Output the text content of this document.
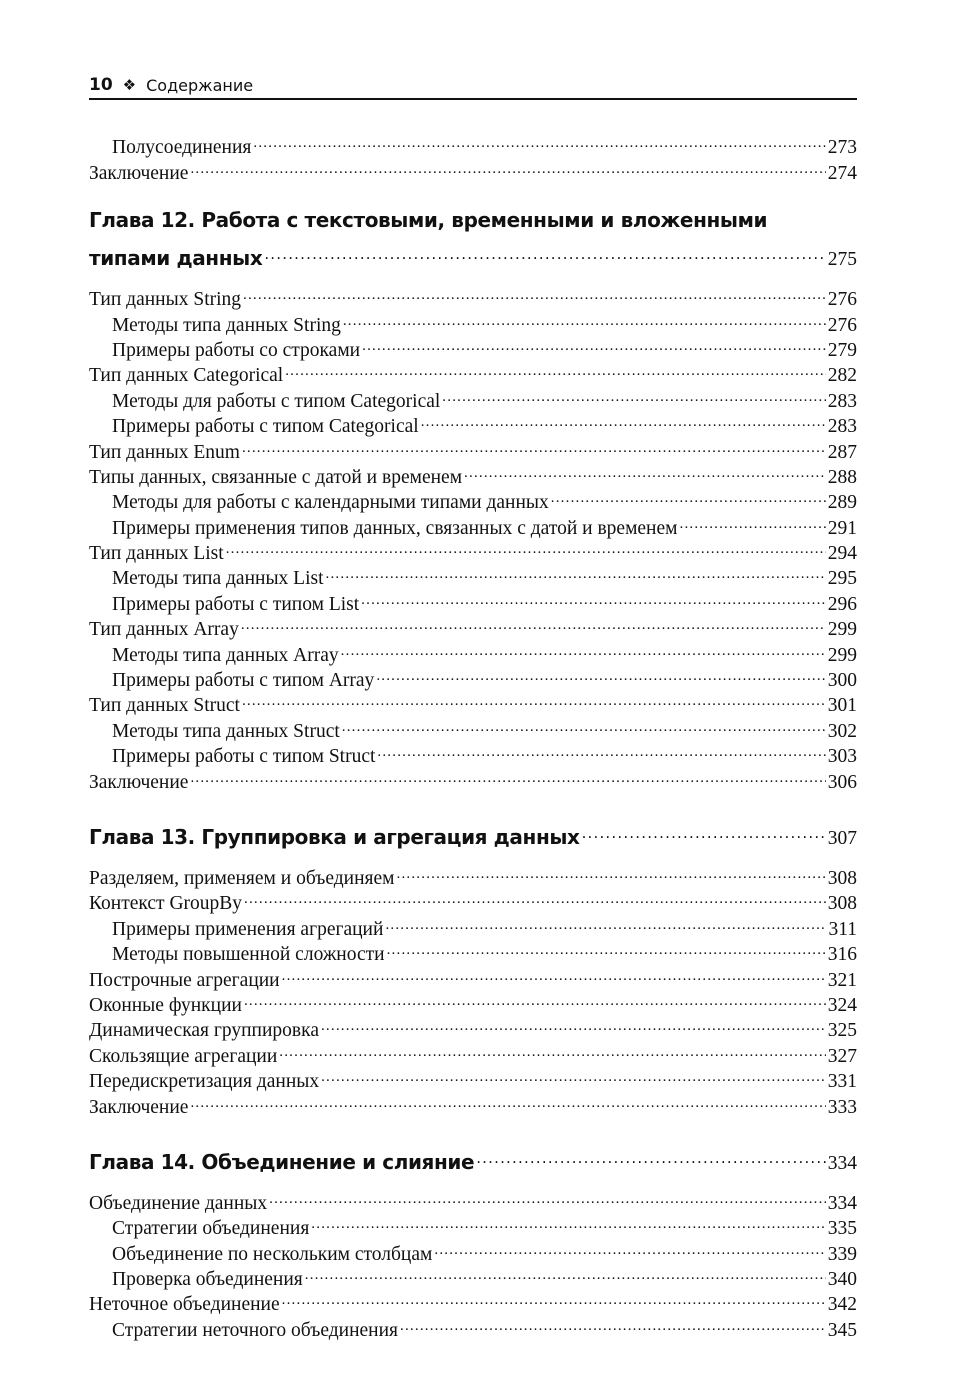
10 ❖ Содержание
Полусоединения .....	273
Заключение .....	274
Глава 12. Работа с текстовыми, временными и вложенными
типами данных .....	275
Тип данных String .....	276
Методы типа данных String .....	276
Примеры работы со строками .....	279
Тип данных Categorical .....	282
Методы для работы с типом Categorical .....	283
Примеры работы с типом Categorical .....	283
Тип данных Enum .....	287
Типы данных, связанные с датой и временем .....	288
Методы для работы с календарными типами данных .....	289
Примеры применения типов данных, связанных с датой и временем .....	291
Тип данных List .....	294
Методы типа данных List .....	295
Примеры работы с типом List .....	296
Тип данных Array .....	299
Методы типа данных Array .....	299
Примеры работы с типом Array .....	300
Тип данных Struct .....	301
Методы типа данных Struct .....	302
Примеры работы с типом Struct .....	303
Заключение .....	306
Глава 13. Группировка и агрегация данных .....	307
Разделяем, применяем и объединяем .....	308
Контекст GroupBy .....	308
Примеры применения агрегаций .....	311
Методы повышенной сложности .....	316
Построчные агрегации .....	321
Оконные функции .....	324
Динамическая группировка .....	325
Скользящие агрегации .....	327
Передискретизация данных .....	331
Заключение .....	333
Глава 14. Объединение и слияние .....	334
Объединение данных .....	334
Стратегии объединения .....	335
Объединение по нескольким столбцам .....	339
Проверка объединения .....	340
Неточное объединение .....	342
Стратегии неточного объединения .....	345
